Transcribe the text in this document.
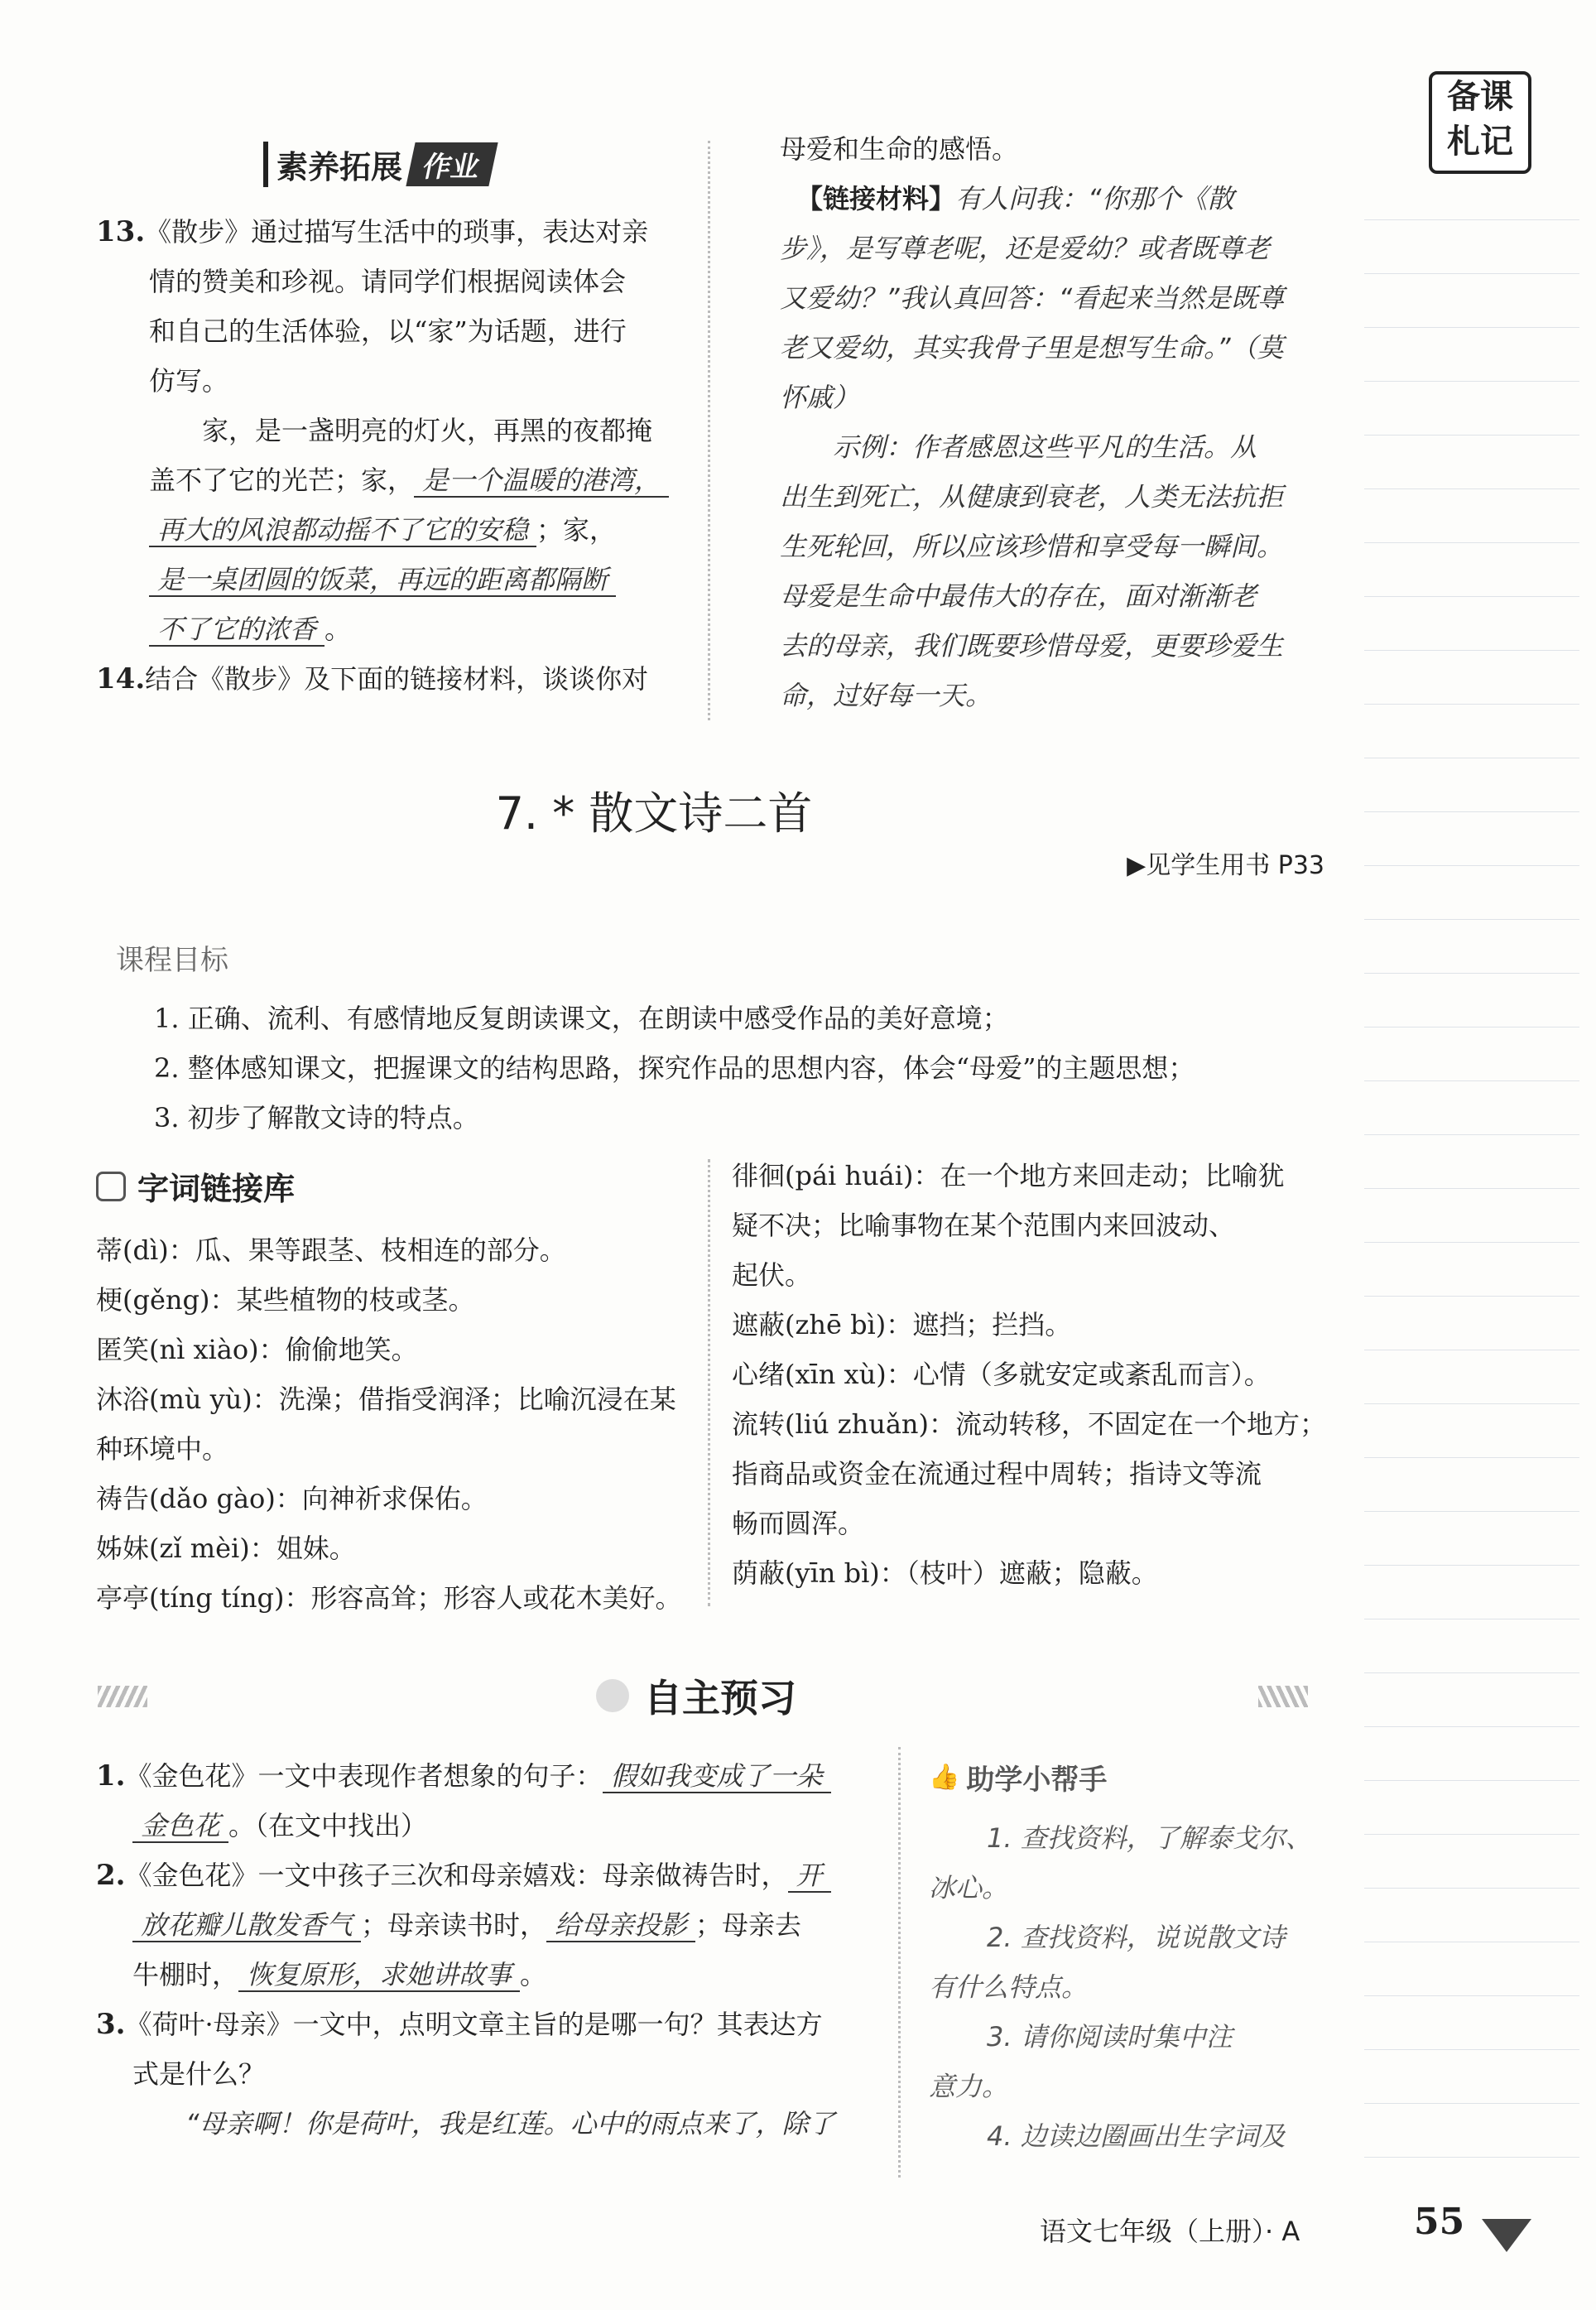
备课
札记
素养拓展 作业
13.《散步》通过描写生活中的琐事，表达对亲
情的赞美和珍视。请同学们根据阅读体会
和自己的生活体验，以“家”为话题，进行
仿写。
家，是一盏明亮的灯火，再黑的夜都掩
盖不了它的光芒；家， 是一个温暖的港湾，
再大的风浪都动摇不了它的安稳 ；家，
是一桌团圆的饭菜，再远的距离都隔断
不了它的浓香 。
14.结合《散步》及下面的链接材料，谈谈你对
母爱和生命的感悟。
【链接材料】有人问我：“你那个《散
步》，是写尊老呢，还是爱幼？或者既尊老
又爱幼？”我认真回答：“看起来当然是既尊
老又爱幼，其实我骨子里是想写生命。”（莫
怀戚）
示例：作者感恩这些平凡的生活。从
出生到死亡，从健康到衰老，人类无法抗拒
生死轮回，所以应该珍惜和享受每一瞬间。
母爱是生命中最伟大的存在，面对渐渐老
去的母亲，我们既要珍惜母爱，更要珍爱生
命，过好每一天。
7. * 散文诗二首
▶见学生用书 P33
课程目标
1. 正确、流利、有感情地反复朗读课文，在朗读中感受作品的美好意境；
2. 整体感知课文，把握课文的结构思路，探究作品的思想内容，体会“母爱”的主题思想；
3. 初步了解散文诗的特点。
字词链接库
蒂(dì)：瓜、果等跟茎、枝相连的部分。
梗(gěng)：某些植物的枝或茎。
匿笑(nì xiào)：偷偷地笑。
沐浴(mù yù)：洗澡；借指受润泽；比喻沉浸在某
种环境中。
祷告(dǎo gào)：向神祈求保佑。
姊妹(zǐ mèi)：姐妹。
亭亭(tíng tíng)：形容高耸；形容人或花木美好。
徘徊(pái huái)：在一个地方来回走动；比喻犹
疑不决；比喻事物在某个范围内来回波动、
起伏。
遮蔽(zhē bì)：遮挡；拦挡。
心绪(xīn xù)：心情（多就安定或紊乱而言）。
流转(liú zhuǎn)：流动转移，不固定在一个地方；
指商品或资金在流通过程中周转；指诗文等流
畅而圆浑。
荫蔽(yīn bì)：（枝叶）遮蔽；隐蔽。
自主预习
1.《金色花》一文中表现作者想象的句子： 假如我变成了一朵
金色花 。（在文中找出）
2.《金色花》一文中孩子三次和母亲嬉戏：母亲做祷告时， 开
放花瓣儿散发香气 ；母亲读书时， 给母亲投影 ；母亲去
牛棚时， 恢复原形，求她讲故事 。
3.《荷叶·母亲》一文中，点明文章主旨的是哪一句？其表达方
式是什么？
“母亲啊！你是荷叶，我是红莲。心中的雨点来了，除了
👍 助学小帮手
1. 查找资料，了解泰戈尔、
冰心。
2. 查找资料，说说散文诗
有什么特点。
3. 请你阅读时集中注
意力。
4. 边读边圈画出生字词及
语文七年级（上册）· A	55
